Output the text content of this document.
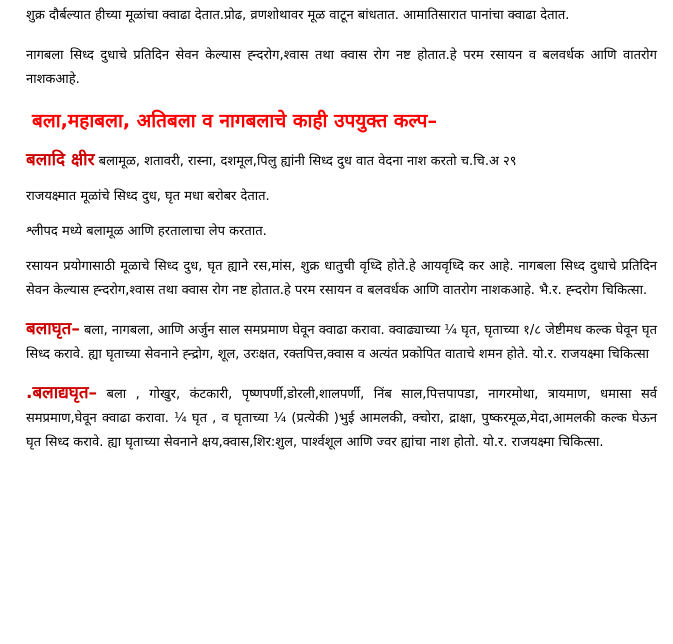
शुक्र दौर्बल्यात हीच्या मूळांचा क्वाढा देतात.प्रोढ, व्रणशोथावर मूळ वाटून बांधतात. आमातिसारात पानांचा क्वाढा देतात.

नागबला सिध्द दुधाचे प्रतिदिन सेवन केल्यास ह्न्दरोग,श्वास तथा क्वास रोग नष्ट होतात.हे परम रसायन व बलवर्धक आणि वातरोग नाशकआहे.

बला,महाबला, अतिबला व नागबलाचे काही उपयुक्त कल्प–

बलादि क्षीर बलामूळ, शतावरी, रास्ना, दशमूल,पिलु ह्यांनी सिध्द दुध वात वेदना नाश करतो च.चि.अ २९

राजयक्ष्मात मूळांचे सिध्द दुध, घृत मधा बरोबर देतात.

श्लीपद मध्ये बलामूळ आणि हरतालाचा लेप करतात.

रसायन प्रयोगासाठी मूळाचे सिध्द दुध, घृत ह्याने रस,मांस, शुक्र धातुची वृध्दि होते.हे आयवृध्दि कर आहे. नागबला सिध्द दुधाचे प्रतिदिन सेवन केल्यास ह्न्दरोग,श्वास तथा क्वास रोग नष्ट होतात.हे परम रसायन व बलवर्धक आणि वातरोग नाशकआहे. भै.र. ह्न्दरोग चिकित्सा.

बलाघृत– बला, नागबला, आणि अर्जुन साल समप्रमाण घेवून क्वाढा करावा. क्वाढ्याच्या ¼ घृत, घृताच्या १/८ जेष्टीमध कल्क घेवून घृत सिध्द करावे. ह्या घृताच्या सेवनाने ह्न्द्रोग, शूल, उरःक्षत, रक्तपित्त,क्वास व अत्यंत प्रकोपित वाताचे शमन होते. यो.र. राजयक्ष्मा चिकित्सा

.बलाद्यघृत– बला , गोखुर, कंटकारी, पृष्णपर्णी,डोरली,शालपर्णी, निंब साल,पित्तपापडा, नागरमोथा, त्रायमाण, धमासा सर्व समप्रमाण,घेवून क्वाढा करावा. ¼ घृत , व घृताच्या ¼ (प्रत्येकी )भुई आमलकी, क्चोरा, द्राक्षा, पुष्करमूळ,मेदा,आमलकी कल्क घेऊन घृत सिध्द करावे. ह्या घृताच्या सेवनाने क्षय,क्वास,शिर:शुल, पार्श्वशूल आणि ज्वर ह्यांचा नाश होतो. यो.र. राजयक्ष्मा चिकित्सा.
